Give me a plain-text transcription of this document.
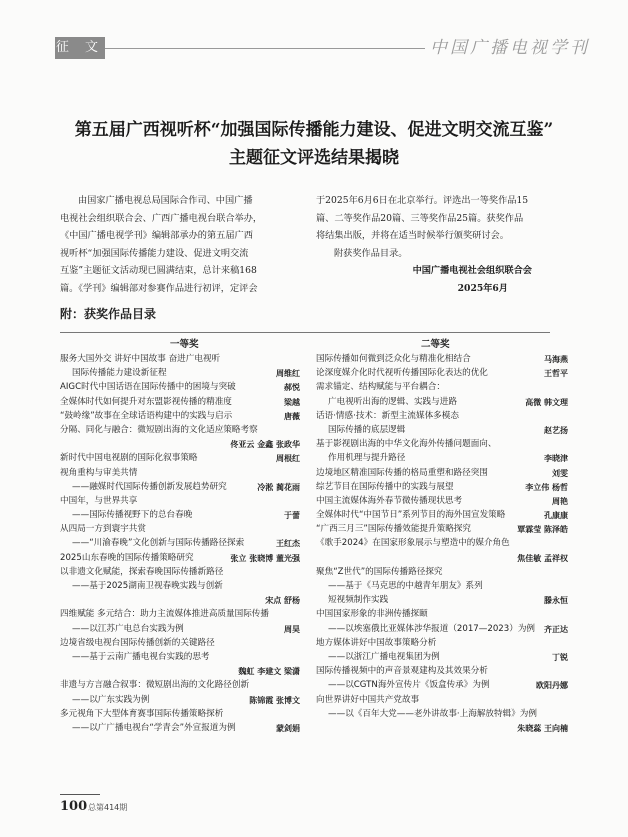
征 文	中国广播电视学刊
第五届广西视听杯“加强国际传播能力建设、促进文明交流互鉴”
主题征文评选结果揭晓

由国家广播电视总局国际合作司、中国广播

电视社会组织联合会、广西广播电视台联合举办，

《中国广播电视学刊》编辑部承办的第五届广西

视听杯“加强国际传播能力建设、促进文明交流

互鉴”主题征文活动现已圆满结束，总计来稿168

篇。《学刊》编辑部对参赛作品进行初评，定评会

于2025年6月6日在北京举行。评选出一等奖作品15

篇、二等奖作品20篇、三等奖作品25篇。获奖作品

将结集出版，并将在适当时候举行颁奖研讨会。

附获奖作品目录。

中国广播电视社会组织联合会

2025年6月

附：获奖作品目录
一等奖	二等奖
服务大国外交 讲好中国故事 奋进广电视听
国际传播能力建设新征程	周维红
AIGC时代中国话语在国际传播中的困境与突破	郝悦
全媒体时代如何提升对东盟影视传播的精准度	梁越
“鼓岭缘”故事在全球话语构建中的实践与启示	唐薇
分隔、同化与融合：微短剧出海的文化适应策略考察
佟亚云 金鑫 张政华
新时代中国电视剧的国际化叙事策略	周根红
视角重构与审美共情
——融媒时代国际传播创新发展趋势研究	冷淞 蔺花雨
中国年，与世界共享
——国际传播视野下的总台春晚	于蕾
从四局一方到寰宇共赏
——“川渝春晚”文化创新与国际传播路径探索	王红杰
2025山东春晚的国际传播策略研究	张立 张晓博 董光强
以非遗文化赋能，探索春晚国际传播新路径
——基于2025湖南卫视春晚实践与创新
宋点 舒杨
四维赋能 多元结合：助力主流媒体推进高质量国际传播
——以江苏广电总台实践为例	周昊
边境省级电视台国际传播创新的关键路径
——基于云南广播电视台实践的思考
魏虹 李建文 梁潇
非遗与方言融合叙事：微短剧出海的文化路径创新
——以广东实践为例	陈锦霞 张博文
多元视角下大型体育赛事国际传播策略探析
——以广广播电视台“学青会”外宣报道为例	蒙剑娟
国际传播如何微到泛众化与精准化相结合	马海燕
论深度媒介化时代视听传播国际化表达的优化	王哲平
需求锚定、结构赋能与平台耦合：
广电视听出海的逻辑、实践与进路	高微 韩文理
话语·情感·技术：新型主流媒体多模态
国际传播的底层逻辑	赵艺扬
基于影视剧出海的中华文化海外传播问题面向、
作用机理与提升路径	李晓津
边境地区精准国际传播的格局重塑和路径突围	刘雯
综艺节目在国际传播中的实践与展望	李立伟 杨哲
中国主流媒体海外春节微传播现状思考	周艳
全媒体时代“中国节日”系列节目的海外国宣发策略	孔康康
“广西三月三”国际传播效能提升策略探究	覃霖莹 陈泽皓
《歌手2024》在国家形象展示与塑造中的媒介角色
焦佳敏 孟祥权
聚焦“Z世代”的国际传播路径探究
——基于《马克思的中越青年朋友》系列
短视频制作实践	滕永恒
中国国家形象的非洲传播探颐
——以埃塞俄比亚媒体涉华报道（2017—2023）为例 齐正达
地方媒体讲好中国故事策略分析
——以浙江广播电视集团为例	丁锐
国际传播视频中的声音景观建构及其效果分析
——以CGTN海外宣传片《饭盒传承》为例	欧阳丹娜
向世界讲好中国共产党故事
——以《百年大党——老外讲故事·上海解放特辑》为例
朱晓蕊 王向楠
100 总第414期
